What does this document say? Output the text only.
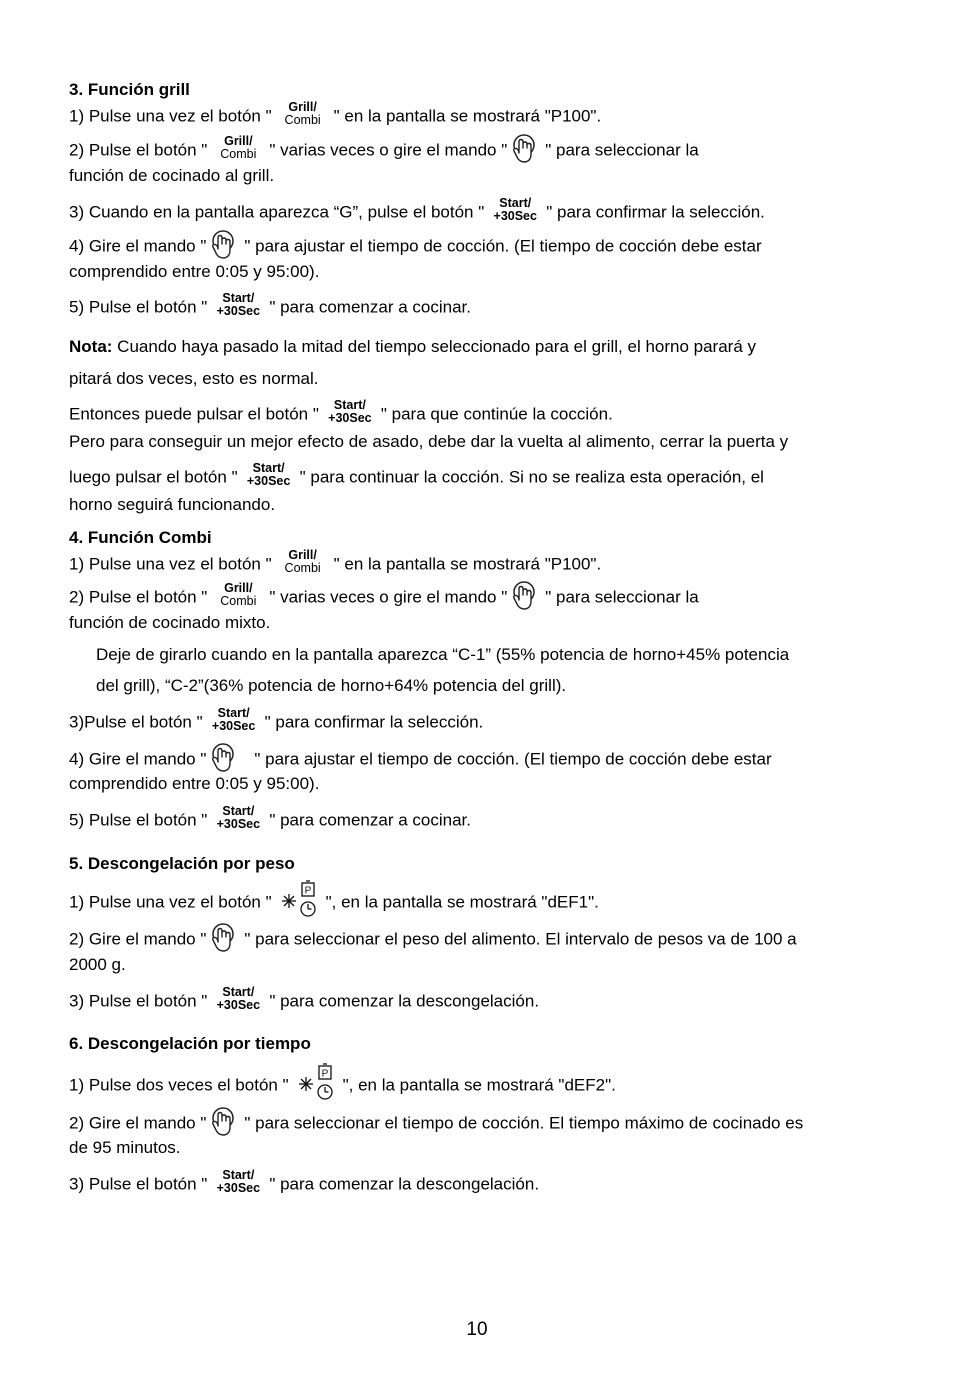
3. Función grill
1) Pulse una vez el botón "	Grill/
Combi " en la pantalla se mostrará "P100".
2) Pulse el botón "	Grill/
Combi " varias veces o gire el mando " " para seleccionar la
función de cocinado al grill.
3) Cuando en la pantalla aparezca “G”, pulse el botón "	Start/
+30Sec " para confirmar la selección.
4) Gire el mando " " para ajustar el tiempo de cocción. (El tiempo de cocción debe estar
comprendido entre 0:05 y 95:00).
5) Pulse el botón "	Start/
+30Sec " para comenzar a cocinar.
Nota: Cuando haya pasado la mitad del tiempo seleccionado para el grill, el horno parará y
pitará dos veces, esto es normal.
Entonces puede pulsar el botón "	Start/
+30Sec " para que continúe la cocción.
Pero para conseguir un mejor efecto de asado, debe dar la vuelta al alimento, cerrar la puerta y
luego pulsar el botón "	Start/
+30Sec " para continuar la cocción. Si no se realiza esta operación, el
horno seguirá funcionando.
4. Función Combi
1) Pulse una vez el botón "	Grill/
Combi " en la pantalla se mostrará "P100".
2) Pulse el botón "	Grill/
Combi " varias veces o gire el mando " " para seleccionar la
función de cocinado mixto.
Deje de girarlo cuando en la pantalla aparezca “C-1” (55% potencia de horno+45% potencia
del grill), “C-2”(36% potencia de horno+64% potencia del grill).
3)Pulse el botón "	Start/
+30Sec " para confirmar la selección.
4) Gire el mando "	" para ajustar el tiempo de cocción. (El tiempo de cocción debe estar
comprendido entre 0:05 y 95:00).
5) Pulse el botón "	Start/
+30Sec " para comenzar a cocinar.
5. Descongelación por peso
1) Pulse una vez el botón "
P
", en la pantalla se mostrará "dEF1".
2) Gire el mando " " para seleccionar el peso del alimento. El intervalo de pesos va de 100 a
2000 g.
3) Pulse el botón "	Start/
+30Sec " para comenzar la descongelación.
6. Descongelación por tiempo
1) Pulse dos veces el botón "
P
", en la pantalla se mostrará "dEF2".
2) Gire el mando " " para seleccionar el tiempo de cocción. El tiempo máximo de cocinado es
de 95 minutos.
3) Pulse el botón "	Start/
+30Sec " para comenzar la descongelación.
10
